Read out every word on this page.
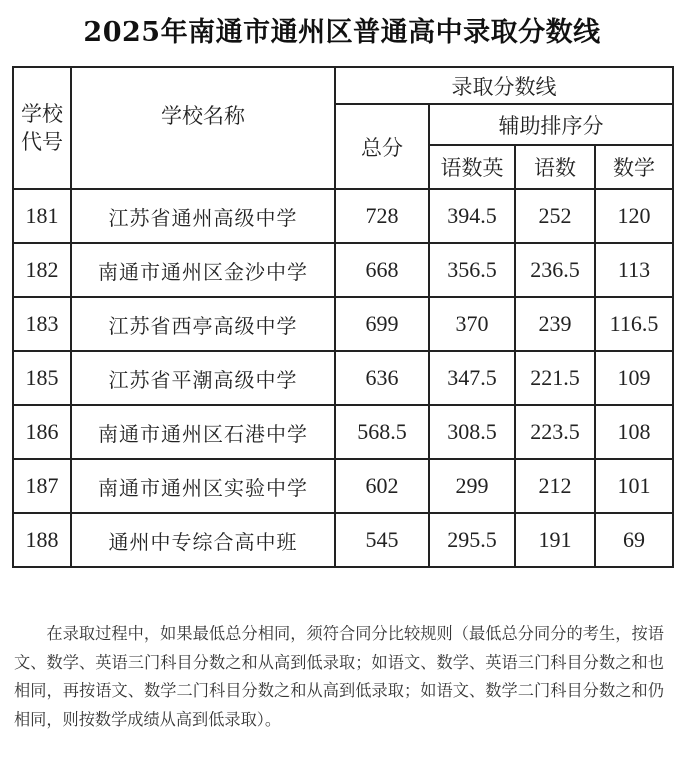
2025年南通市通州区普通高中录取分数线
学校
代号	学校名称	录取分数线			
		总分	辅助排序分		
			语数英	语数	数学
181	江苏省通州高级中学	728	394.5	252	120
182	南通市通州区金沙中学	668	356.5	236.5	113
183	江苏省西亭高级中学	699	370	239	116.5
185	江苏省平潮高级中学	636	347.5	221.5	109
186	南通市通州区石港中学	568.5	308.5	223.5	108
187	南通市通州区实验中学	602	299	212	101
188	通州中专综合高中班	545	295.5	191	69

在录取过程中，如果最低总分相同，须符合同分比较规则（最低总分同分的考生，按语文、数学、英语三门科目分数之和从高到低录取；如语文、数学、英语三门科目分数之和也相同，再按语文、数学二门科目分数之和从高到低录取；如语文、数学二门科目分数之和仍相同，则按数学成绩从高到低录取）。
